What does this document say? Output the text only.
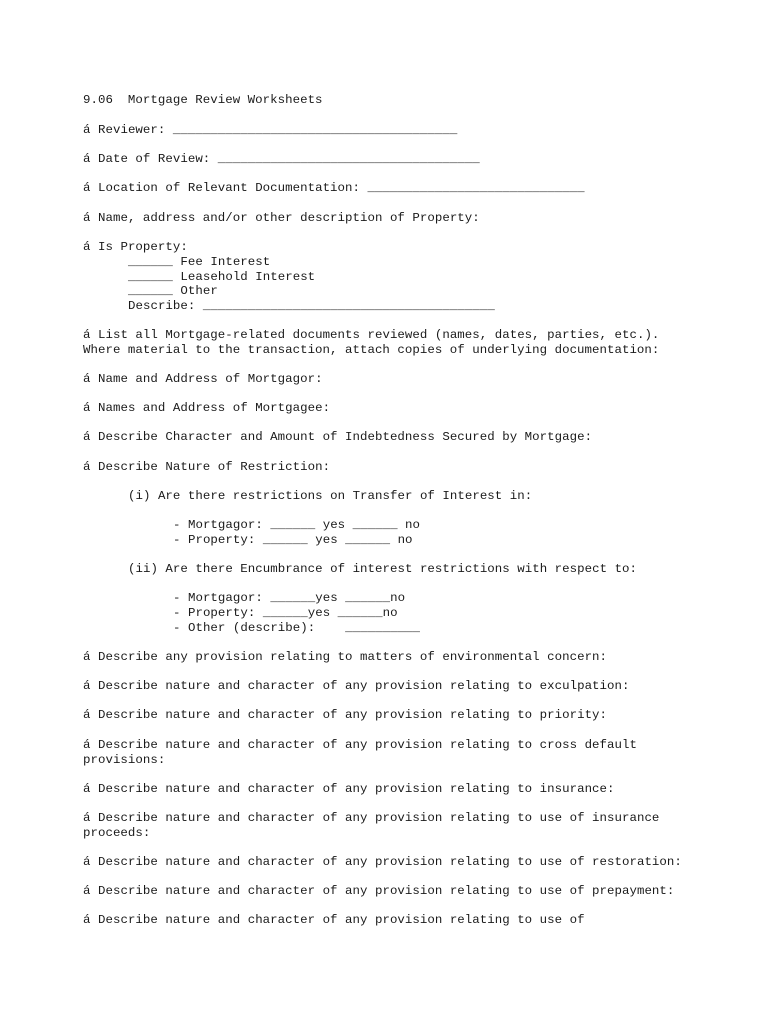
9.06  Mortgage Review Worksheets
á Reviewer: ______________________________________
á Date of Review: ___________________________________
á Location of Relevant Documentation: _____________________________
á Name, address and/or other description of Property:
á Is Property:
______ Fee Interest
______ Leasehold Interest
______ Other
Describe: _______________________________________
á List all Mortgage-related documents reviewed (names, dates, parties, etc.).
Where material to the transaction, attach copies of underlying documentation:
á Name and Address of Mortgagor:
á Names and Address of Mortgagee:
á Describe Character and Amount of Indebtedness Secured by Mortgage:
á Describe Nature of Restriction:
(i) Are there restrictions on Transfer of Interest in:
- Mortgagor: ______ yes ______ no
- Property: ______ yes ______ no
(ii) Are there Encumbrance of interest restrictions with respect to:
- Mortgagor: ______yes ______no
- Property: ______yes ______no
- Other (describe):    __________
á Describe any provision relating to matters of environmental concern:
á Describe nature and character of any provision relating to exculpation:
á Describe nature and character of any provision relating to priority:
á Describe nature and character of any provision relating to cross default
provisions:
á Describe nature and character of any provision relating to insurance:
á Describe nature and character of any provision relating to use of insurance
proceeds:
á Describe nature and character of any provision relating to use of restoration:
á Describe nature and character of any provision relating to use of prepayment:
á Describe nature and character of any provision relating to use of
